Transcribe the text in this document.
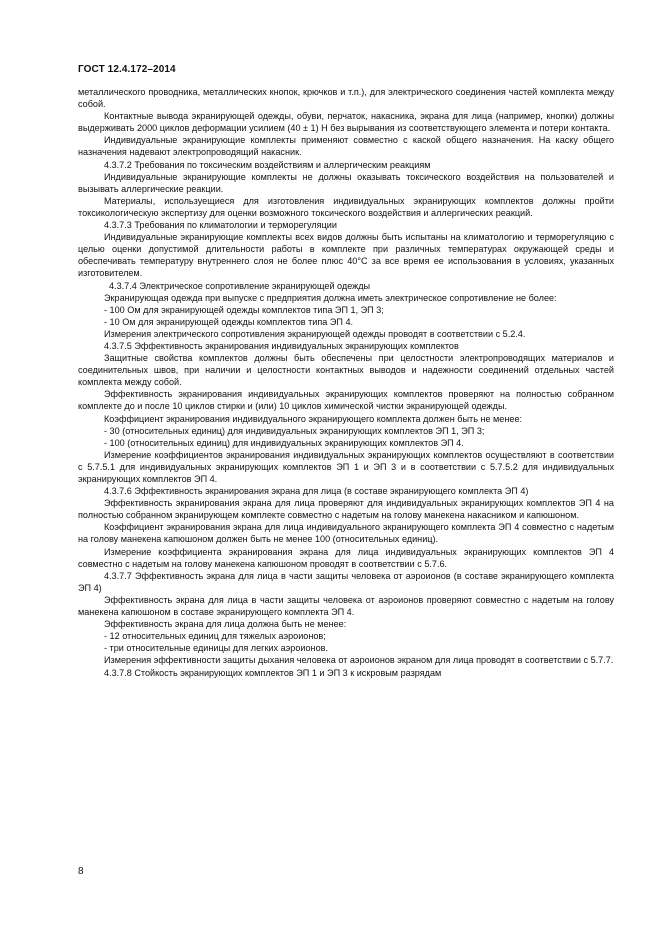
ГОСТ 12.4.172–2014

металлического проводника, металлических кнопок, крючков и т.п.), для электрического соединения частей комплекта между собой.

Контактные вывода экранирующей одежды, обуви, перчаток, накасника, экрана для лица (например, кнопки) должны выдерживать 2000 циклов деформации усилием (40 ± 1) Н без вырывания из соответствующего элемента и потери контакта.

Индивидуальные экранирующие комплекты применяют совместно с каской общего назначения. На каску общего назначения надевают электропроводящий накасник.

4.3.7.2 Требования по токсическим воздействиям и аллергическим реакциям

Индивидуальные экранирующие комплекты не должны оказывать токсического воздействия на пользователей и вызывать аллергические реакции.

Материалы, используещиеся для изготовления индивидуальных экранирующих комплектов должны пройти токсикологическую экспертизу для оценки возможного токсического воздействия и аллергических реакций.

4.3.7.3 Требования по климатологии и терморегуляции

Индивидуальные экранирующие комплекты всех видов должны быть испытаны на климатологию и терморегуляцию с целью оценки допустимой длительности работы в комплекте при различных температурах окружающей среды и обеспечивать температуру внутреннего слоя не более плюс 40°С за все время ее использования в условиях, указанных изготовителем.

4.3.7.4 Электрическое сопротивление экранирующей одежды

Экранирующая одежда при выпуске с предприятия должна иметь электрическое сопротивление не более:

- 100 Ом для экранирующей одежды комплектов типа ЭП 1, ЭП 3;

- 10 Ом для экранирующей одежды комплектов типа ЭП 4.

Измерения электрического сопротивления экранирующей одежды проводят в соответствии с 5.2.4.

4.3.7.5 Эффективность экранирования индивидуальных экранирующих комплектов

Защитные свойства комплектов должны быть обеспечены при целостности электропроводящих материалов и соединительных швов, при наличии и целостности контактных выводов и надежности соединений отдельных частей комплекта между собой.

Эффективность экранирования индивидуальных экранирующих комплектов проверяют на полностью собранном комплекте до и после 10 циклов стирки и (или) 10 циклов химической чистки экранирующей одежды.

Коэффициент экранирования индивидуального экранирующего комплекта должен быть не менее:

- 30 (относительных единиц) для индивидуальных экранирующих комплектов ЭП 1, ЭП 3;

- 100 (относительных единиц) для индивидуальных экранирующих комплектов ЭП 4.

Измерение коэффициентов экранирования индивидуальных экранирующих комплектов осуществляют в соответствии с 5.7.5.1 для индивидуальных экранирующих комплектов ЭП 1 и ЭП 3 и в соответствии с 5.7.5.2 для индивидуальных экранирующих комплектов ЭП 4.

4.3.7.6 Эффективность экранирования экрана для лица (в составе экранирующего комплекта ЭП 4)

Эффективность экранирования экрана для лица проверяют для индивидуальных экранирующих комплектов ЭП 4 на полностью собранном экранирующем комплекте совместно с надетым на голову манекена накасником и капюшоном.

Коэффициент экранирования экрана для лица индивидуального экранирующего комплекта ЭП 4 совместно с надетым на голову манекена капюшоном должен быть не менее 100 (относительных единиц).

Измерение коэффициента экранирования экрана для лица индивидуальных экранирующих комплектов ЭП 4 совместно с надетым на голову манекена капюшоном проводят в соответствии с 5.7.6.

4.3.7.7 Эффективность экрана для лица в части защиты человека от аэроионов (в составе экранирующего комплекта ЭП 4)

Эффективность экрана для лица в части защиты человека от аэроионов проверяют совместно с надетым на голову манекена капюшоном в составе экранирующего комплекта ЭП 4.

Эффективность экрана для лица должна быть не менее:

- 12 относительных единиц для тяжелых аэроионов;

- три относительные единицы для легких аэроионов.

Измерения эффективности защиты дыхания человека от аэроионов экраном для лица проводят в соответствии с 5.7.7.

4.3.7.8 Стойкость экранирующих комплектов ЭП 1 и ЭП 3 к искровым разрядам

8
